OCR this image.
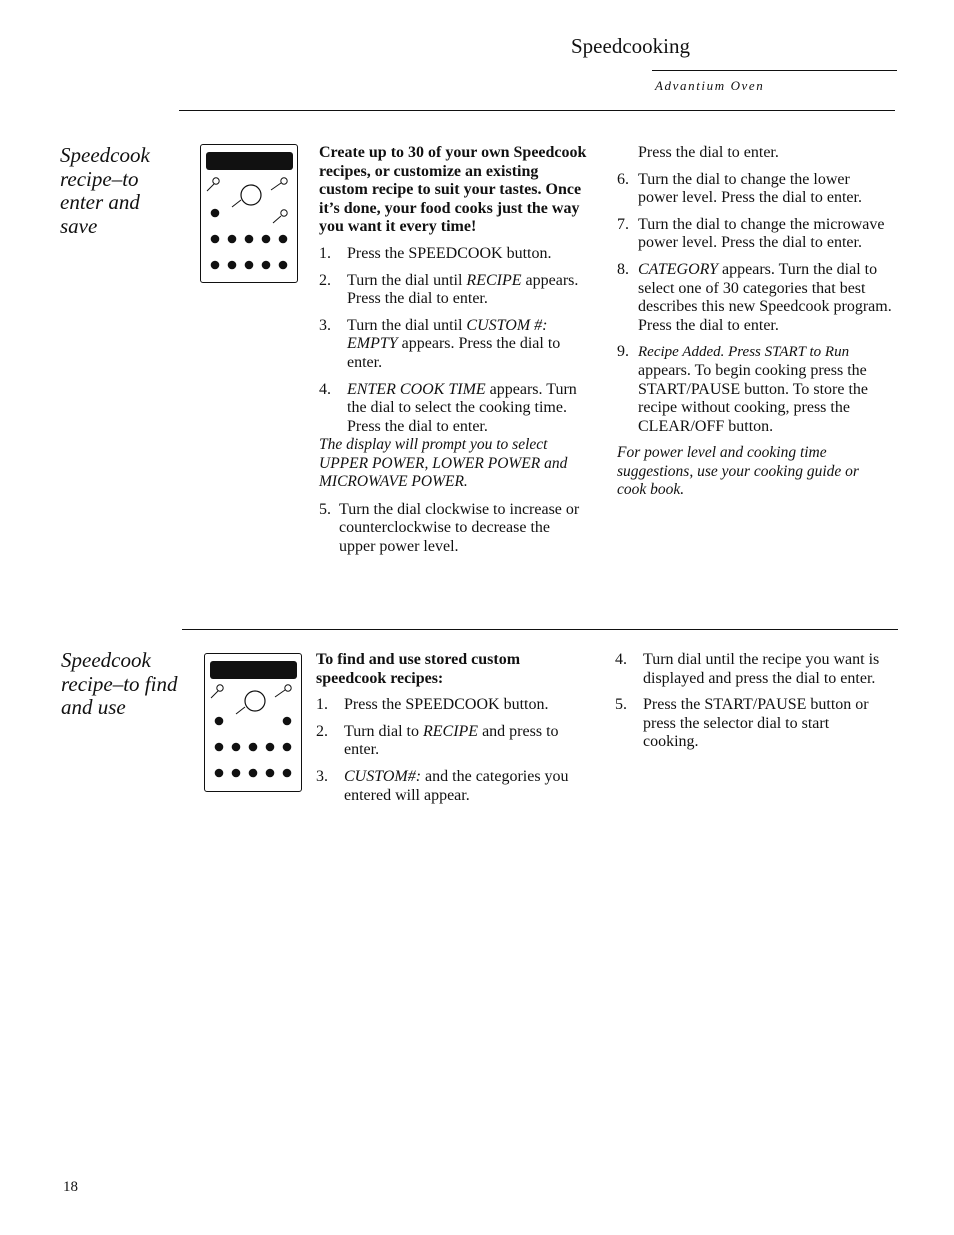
Speedcooking
Advantium Oven
Speedcook recipe–to enter and save

Create up to 30 of your own Speedcook recipes, or customize an existing custom recipe to suit your tastes. Once it’s done, your food cooks just the way you want it every time!

1. Press the SPEEDCOOK button.
2. Turn the dial until RECIPE appears. Press the dial to enter.
3. Turn the dial until CUSTOM #: EMPTY appears. Press the dial to enter.
4. ENTER COOK TIME appears. Turn the dial to select the cooking time. Press the dial to enter.

The display will prompt you to select UPPER POWER, LOWER POWER and MICROWAVE POWER.

5. Turn the dial clockwise to increase or counterclockwise to decrease the upper power level.

Press the dial to enter.

6. Turn the dial to change the lower power level. Press the dial to enter.
7. Turn the dial to change the microwave power level. Press the dial to enter.
8. CATEGORY appears. Turn the dial to select one of 30 categories that best describes this new Speedcook program. Press the dial to enter.
9. Recipe Added. Press START to Run appears. To begin cooking press the START/PAUSE button. To store the recipe without cooking, press the CLEAR/OFF button.

For power level and cooking time suggestions, use your cooking guide or cook book.

Speedcook recipe–to find and use

To find and use stored custom speedcook recipes:

1. Press the SPEEDCOOK button.
2. Turn dial to RECIPE and press to enter.
3. CUSTOM#: and the categories you entered will appear.
4. Turn dial until the recipe you want is displayed and press the dial to enter.
5. Press the START/PAUSE button or press the selector dial to start cooking.
18
